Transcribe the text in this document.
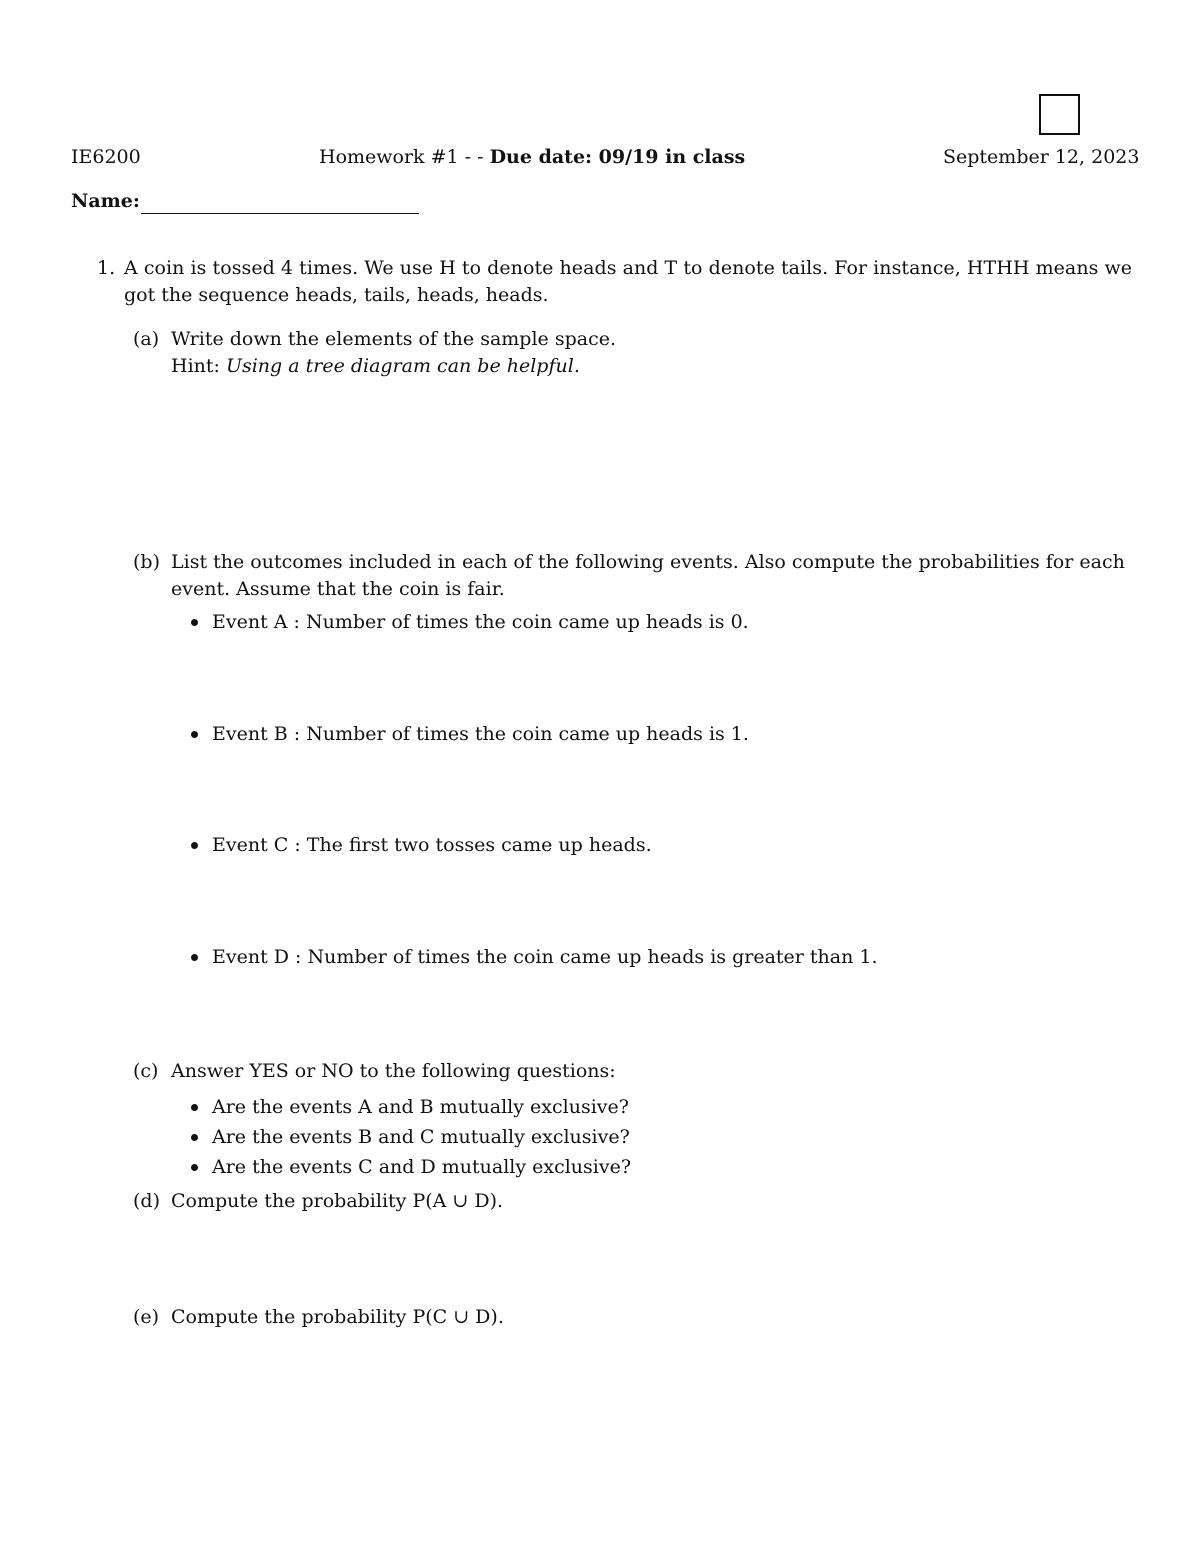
IE6200	Homework #1 - - Due date: 09/19 in class	September 12, 2023
Name:
1. A coin is tossed 4 times. We use H to denote heads and T to denote tails. For instance, HTHH means we
got the sequence heads, tails, heads, heads.
(a) Write down the elements of the sample space.
Hint: Using a tree diagram can be helpful.
(b) List the outcomes included in each of the following events. Also compute the probabilities for each
event. Assume that the coin is fair.
Event A : Number of times the coin came up heads is 0.
Event B : Number of times the coin came up heads is 1.
Event C : The first two tosses came up heads.
Event D : Number of times the coin came up heads is greater than 1.
(c) Answer YES or NO to the following questions:
Are the events A and B mutually exclusive?
Are the events B and C mutually exclusive?
Are the events C and D mutually exclusive?
(d) Compute the probability P(A ∪ D).
(e) Compute the probability P(C ∪ D).
